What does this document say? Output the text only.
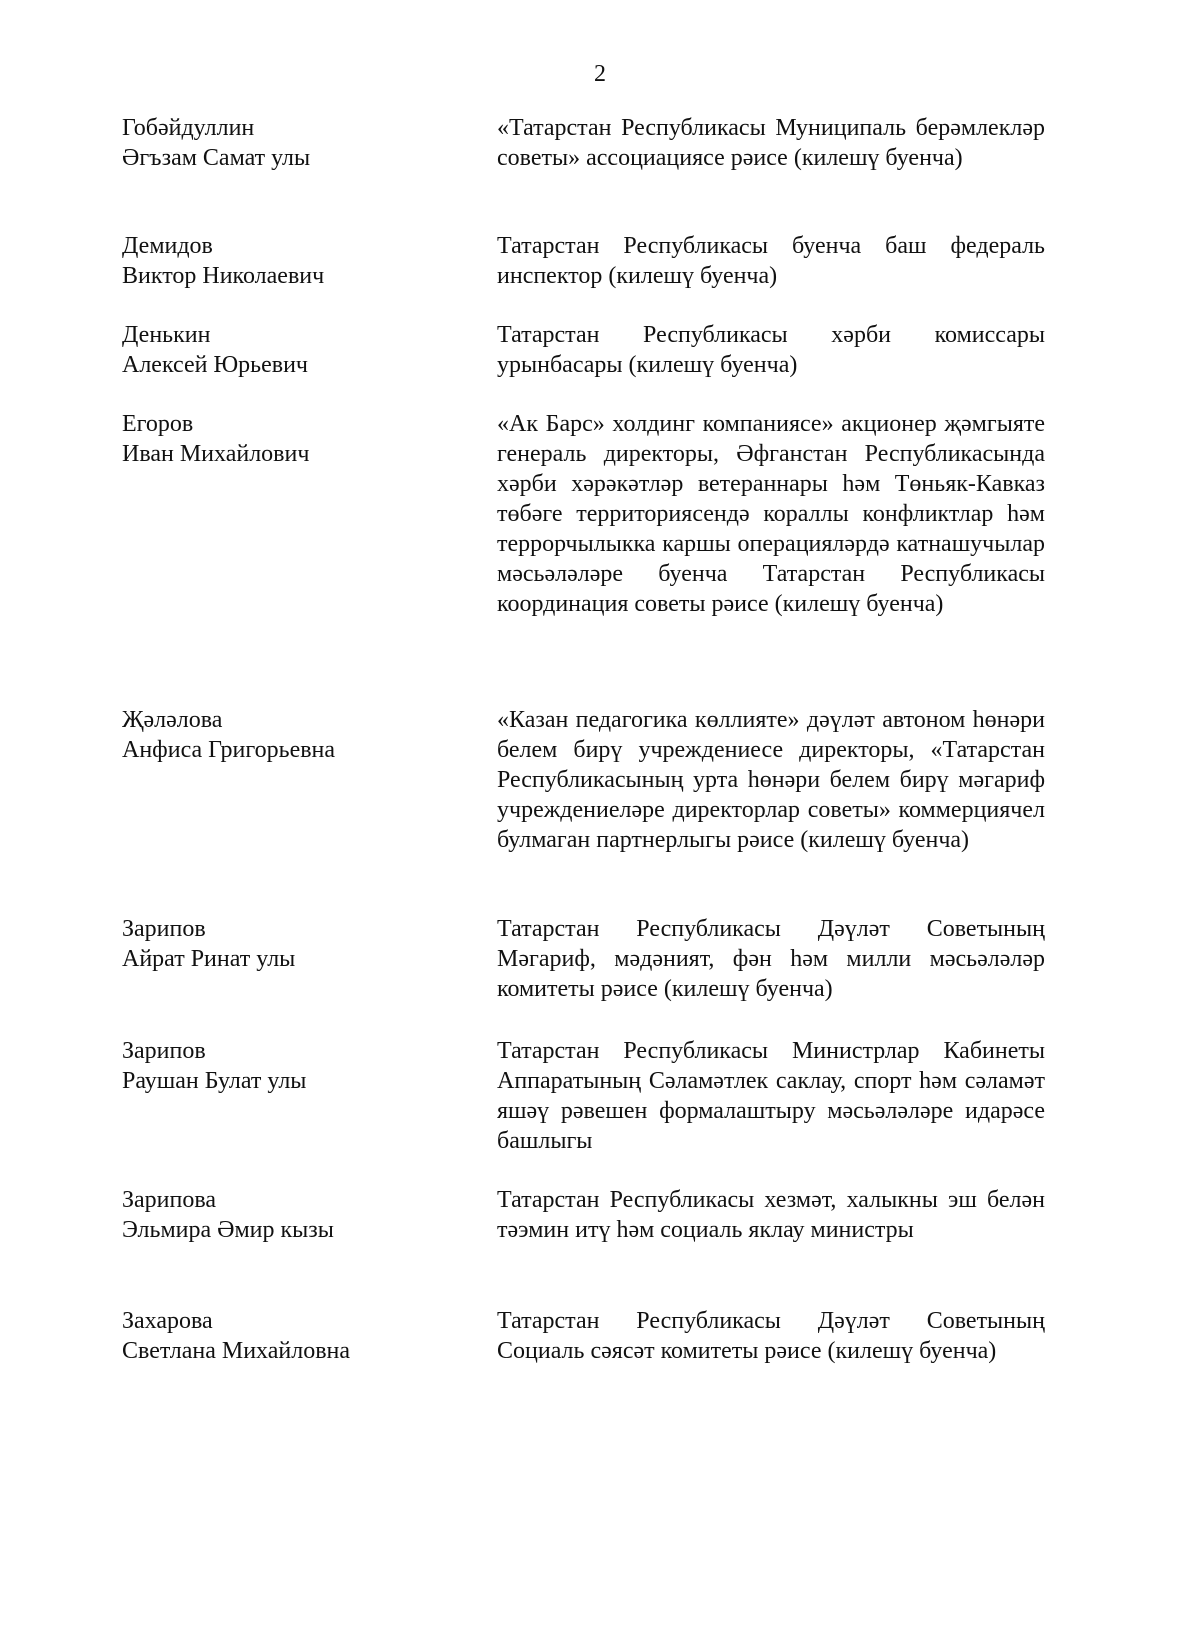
2
Гобәйдуллин
Әгъзам Самат улы
«Татарстан Республикасы Муниципаль берәмлекләр советы» ассоциациясе рәисе (килешү буенча)
Демидов
Виктор Николаевич
Татарстан Республикасы буенча баш федераль инспектор (килешү буенча)
Денькин
Алексей Юрьевич
Татарстан Республикасы хәрби комиссары урынбасары (килешү буенча)
Егоров
Иван Михайлович
«Ак Барс» холдинг компаниясе» акционер җәмгыяте генераль директоры, Әфганстан Республикасында хәрби хәрәкәтләр ветераннары һәм Төньяк-Кавказ төбәге территориясендә кораллы конфликтлар һәм террорчылыкка каршы операцияләрдә катнашучылар мәсьәләләре буенча Татарстан Республикасы координация советы рәисе (килешү буенча)
Җәләлова
Анфиса Григорьевна
«Казан педагогика көллияте» дәүләт автоном һөнәри белем бирү учреждениесе директоры, «Татарстан Республикасының урта һөнәри белем бирү мәгариф учреждениеләре директорлар советы» коммерциячел булмаган партнерлыгы рәисе (килешү буенча)
Зарипов
Айрат Ринат улы
Татарстан Республикасы Дәүләт Советының Мәгариф, мәдәният, фән һәм милли мәсьәләләр комитеты рәисе (килешү буенча)
Зарипов
Раушан Булат улы
Татарстан Республикасы Министрлар Кабинеты Аппаратының Сәламәтлек саклау, спорт һәм сәламәт яшәү рәвешен формалаштыру мәсьәләләре идарәсе башлыгы
Зарипова
Эльмира Әмир кызы
Татарстан Республикасы хезмәт, халыкны эш белән тәэмин итү һәм социаль яклау министры
Захарова
Светлана Михайловна
Татарстан Республикасы Дәүләт Советының Социаль сәясәт комитеты рәисе (килешү буенча)
